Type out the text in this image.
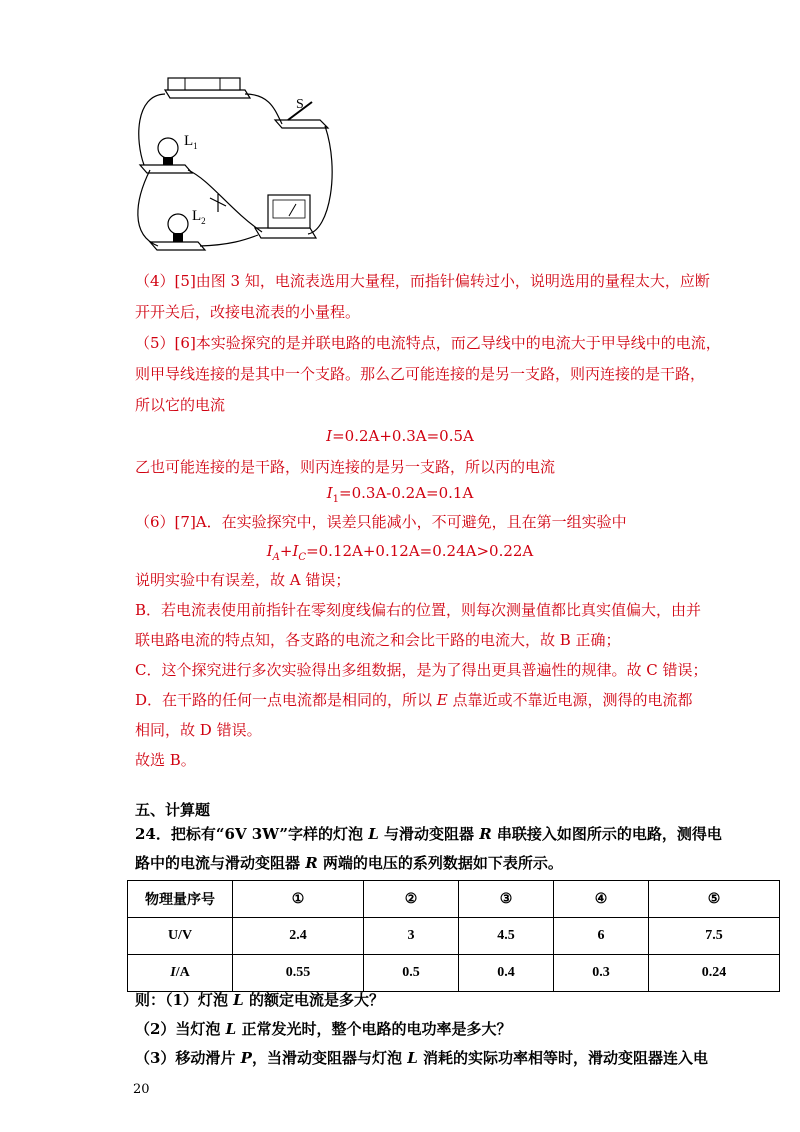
S
$L_1$
$L_2$
（4）[5]由图 3 知，电流表选用大量程，而指针偏转过小，说明选用的量程太大，应断
开开关后，改接电流表的小量程。
（5）[6]本实验探究的是并联电路的电流特点，而乙导线中的电流大于甲导线中的电流，
则甲导线连接的是其中一个支路。那么乙可能连接的是另一支路，则丙连接的是干路，
所以它的电流
I=0.2A+0.3A=0.5A
乙也可能连接的是干路，则丙连接的是另一支路，所以丙的电流
$I_1=0.3A-0.2A=0.1A$
（6）[7]A．在实验探究中，误差只能减小，不可避免，且在第一组实验中
$I_A+I_C=0.12A+0.12A=0.24A>0.22A$
说明实验中有误差，故 A 错误；
B．若电流表使用前指针在零刻度线偏右的位置，则每次测量值都比真实值偏大，由并
联电路电流的特点知，各支路的电流之和会比干路的电流大，故 B 正确；
C．这个探究进行多次实验得出多组数据，是为了得出更具普遍性的规律。故 C 错误；
D．在干路的任何一点电流都是相同的，所以 E 点靠近或不靠近电源，测得的电流都
相同，故 D 错误。
故选 B。
五、计算题
24．把标有“6V 3W”字样的灯泡 L 与滑动变阻器 R 串联接入如图所示的电路，测得电
路中的电流与滑动变阻器 R 两端的电压的系列数据如下表所示。
物理量序号	①	②	③	④	⑤
U/V	2.4	3	4.5	6	7.5
I/A	0.55	0.5	0.4	0.3	0.24
则：（1）灯泡 L 的额定电流是多大？
（2）当灯泡 L 正常发光时，整个电路的电功率是多大？
（3）移动滑片 P，当滑动变阻器与灯泡 L 消耗的实际功率相等时，滑动变阻器连入电
20
